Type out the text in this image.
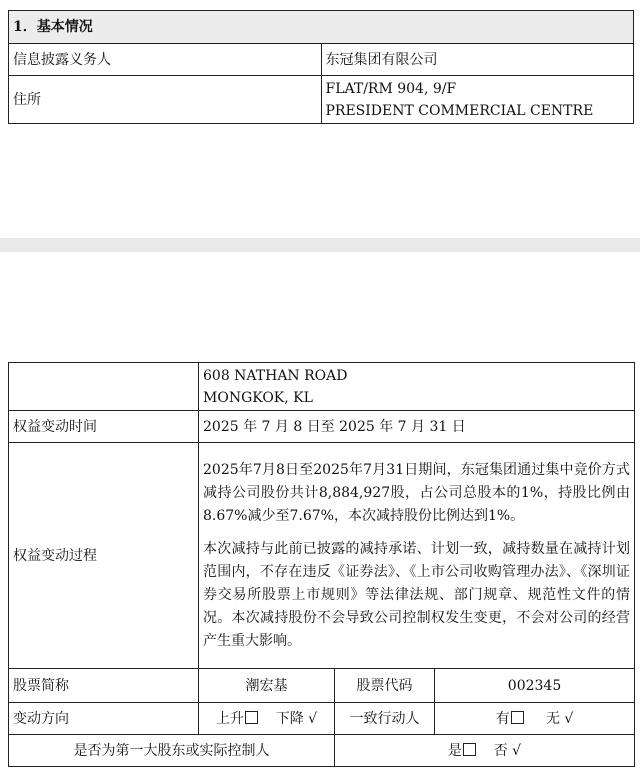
1．基本情况	
信息披露义务人	东冠集团有限公司
住所	FLAT/RM 904, 9/F
PRESIDENT COMMERCIAL CENTRE

	608 NATHAN ROAD
MONGKOK, KL		

权益变动时间	2025 年 7 月 8 日至 2025 年 7 月 31 日		
权益变动过程	2025年7月8日至2025年7月31日期间，东冠集团通过集中竞价方式减持公司股份共计8,884,927股，占公司总股本的1%，持股比例由8.67%减少至7.67%，本次减持股份比例达到1%。

本次减持与此前已披露的减持承诺、计划一致，减持数量在减持计划范围内，不存在违反《证券法》、《上市公司收购管理办法》、《深圳证券交易所股票上市规则》等法律法规、部门规章、规范性文件的情况。本次减持股份不会导致公司控制权发生变更，不会对公司的经营产生重大影响。		

股票简称	潮宏基	股票代码	002345
变动方向	上升 下降 √	一致行动人	有 无 √
是否为第一大股东或实际控制人		是 否 √	
